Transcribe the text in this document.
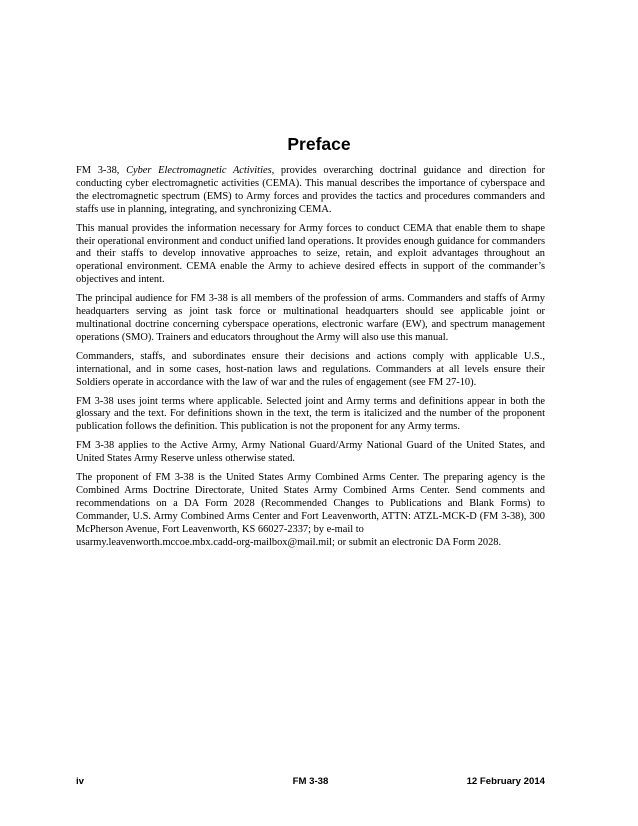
Preface

FM 3-38, Cyber Electromagnetic Activities, provides overarching doctrinal guidance and direction for conducting cyber electromagnetic activities (CEMA). This manual describes the importance of cyberspace and the electromagnetic spectrum (EMS) to Army forces and provides the tactics and procedures commanders and staffs use in planning, integrating, and synchronizing CEMA.

This manual provides the information necessary for Army forces to conduct CEMA that enable them to shape their operational environment and conduct unified land operations. It provides enough guidance for commanders and their staffs to develop innovative approaches to seize, retain, and exploit advantages throughout an operational environment. CEMA enable the Army to achieve desired effects in support of the commander’s objectives and intent.

The principal audience for FM 3-38 is all members of the profession of arms. Commanders and staffs of Army headquarters serving as joint task force or multinational headquarters should see applicable joint or multinational doctrine concerning cyberspace operations, electronic warfare (EW), and spectrum management operations (SMO). Trainers and educators throughout the Army will also use this manual.

Commanders, staffs, and subordinates ensure their decisions and actions comply with applicable U.S., international, and in some cases, host-nation laws and regulations. Commanders at all levels ensure their Soldiers operate in accordance with the law of war and the rules of engagement (see FM 27-10).

FM 3-38 uses joint terms where applicable. Selected joint and Army terms and definitions appear in both the glossary and the text. For definitions shown in the text, the term is italicized and the number of the proponent publication follows the definition. This publication is not the proponent for any Army terms.

FM 3-38 applies to the Active Army, Army National Guard/Army National Guard of the United States, and United States Army Reserve unless otherwise stated.

The proponent of FM 3-38 is the United States Army Combined Arms Center. The preparing agency is the Combined Arms Doctrine Directorate, United States Army Combined Arms Center. Send comments and recommendations on a DA Form 2028 (Recommended Changes to Publications and Blank Forms) to Commander, U.S. Army Combined Arms Center and Fort Leavenworth, ATTN: ATZL-MCK-D (FM 3-38), 300 McPherson Avenue, Fort Leavenworth, KS 66027-2337; by e-mail to
usarmy.leavenworth.mccoe.mbx.cadd-org-mailbox@mail.mil; or submit an electronic DA Form 2028.

iv	FM 3-38	12 February 2014
